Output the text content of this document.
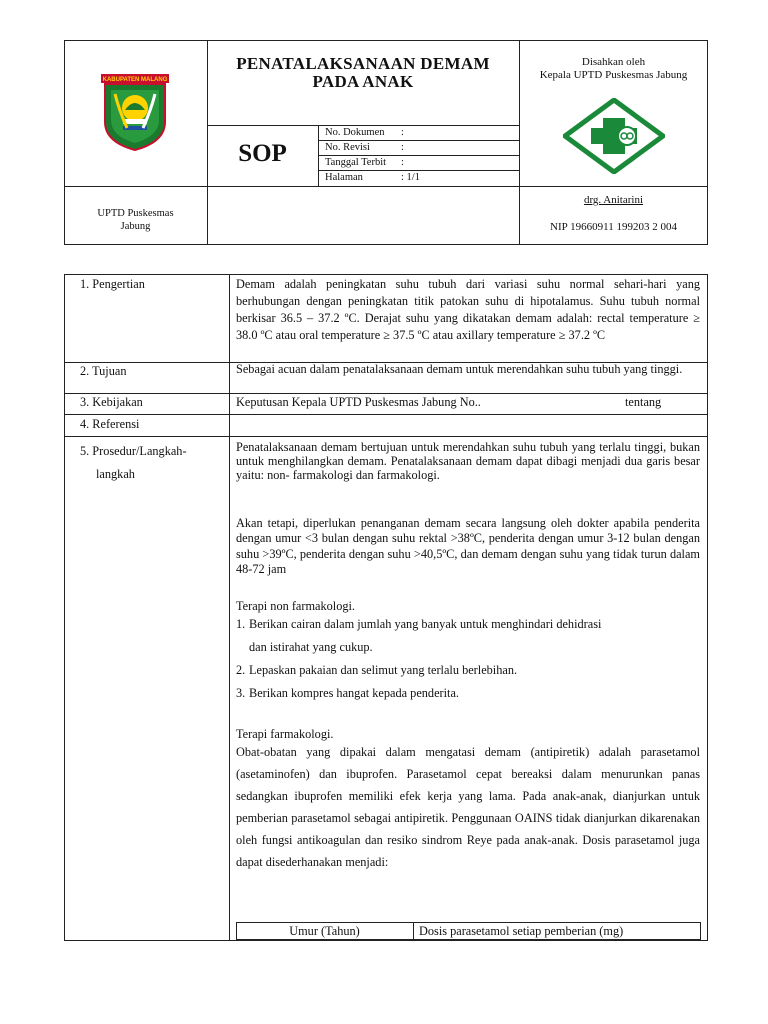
KABUPATEN MALANG
PENATALAKSANAAN DEMAM
PADA ANAK
SOP
No. Dokumen :
No. Revisi	:
Tanggal Terbit :
Halaman	: 1/1
Disahkan oleh
Kepala UPTD Puskesmas Jabung
UPTD Puskesmas
Jabung
drg. Anitarini
NIP 19660911 199203 2 004
1. Pengertian	Demam adalah peningkatan suhu tubuh dari variasi suhu normal sehari-hari yang berhubungan dengan peningkatan titik patokan suhu di hipotalamus. Suhu tubuh normal berkisar 36.5 – 37.2 ºC. Derajat suhu yang dikatakan demam adalah: rectal temperature ≥ 38.0 ºC atau oral temperature ≥ 37.5 ºC atau axillary temperature ≥ 37.2 ºC
2. Tujuan	Sebagai acuan dalam penatalaksanaan demam untuk merendahkan suhu tubuh yang tinggi.
3. Kebijakan	Keputusan Kepala UPTD Puskesmas Jabung No..	tentang
4. Referensi
5. Prosedur/Langkah-
langkah
Penatalaksanaan demam bertujuan untuk merendahkan suhu tubuh yang terlalu tinggi, bukan untuk menghilangkan demam. Penatalaksanaan demam dapat dibagi menjadi dua garis besar yaitu: non- farmakologi dan farmakologi.
Akan tetapi, diperlukan penanganan demam secara langsung oleh dokter apabila penderita dengan umur <3 bulan dengan suhu rektal >38ºC, penderita dengan umur 3-12 bulan dengan suhu >39ºC, penderita dengan suhu >40,5ºC, dan demam dengan suhu yang tidak turun dalam 48-72 jam
Terapi non farmakologi.
1. Berikan cairan dalam jumlah yang banyak untuk menghindari dehidrasi
dan istirahat yang cukup.
2. Lepaskan pakaian dan selimut yang terlalu berlebihan.
3. Berikan kompres hangat kepada penderita.
Terapi farmakologi.
Obat-obatan yang dipakai dalam mengatasi demam (antipiretik) adalah parasetamol (asetaminofen) dan ibuprofen. Parasetamol cepat bereaksi dalam menurunkan panas sedangkan ibuprofen memiliki efek kerja yang lama. Pada anak-anak, dianjurkan untuk pemberian parasetamol sebagai antipiretik. Penggunaan OAINS tidak dianjurkan dikarenakan oleh fungsi antikoagulan dan resiko sindrom Reye pada anak-anak. Dosis parasetamol juga dapat disederhanakan menjadi:
Umur (Tahun)	Dosis parasetamol setiap pemberian (mg)
